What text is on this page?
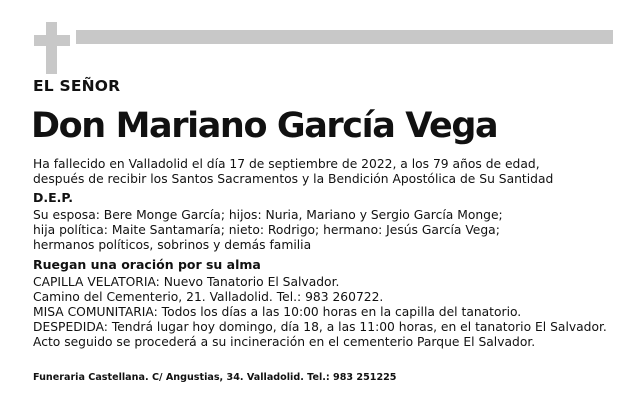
EL SEÑOR
Don Mariano García Vega

Ha fallecido en Valladolid el día 17 de septiembre de 2022, a los 79 años de edad,

después de recibir los Santos Sacramentos y la Bendición Apostólica de Su Santidad

D.E.P.

Su esposa: Bere Monge García; hijos: Nuria, Mariano y Sergio García Monge;

hija política: Maite Santamaría; nieto: Rodrigo; hermano: Jesús García Vega;

hermanos políticos, sobrinos y demás familia

Ruegan una oración por su alma

CAPILLA VELATORIA: Nuevo Tanatorio El Salvador.

Camino del Cementerio, 21. Valladolid. Tel.: 983 260722.

MISA COMUNITARIA: Todos los días a las 10:00 horas en la capilla del tanatorio.

DESPEDIDA: Tendrá lugar hoy domingo, día 18, a las 11:00 horas, en el tanatorio El Salvador.

Acto seguido se procederá a su incineración en el cementerio Parque El Salvador.

Funeraria Castellana. C/ Angustias, 34. Valladolid. Tel.: 983 251225
